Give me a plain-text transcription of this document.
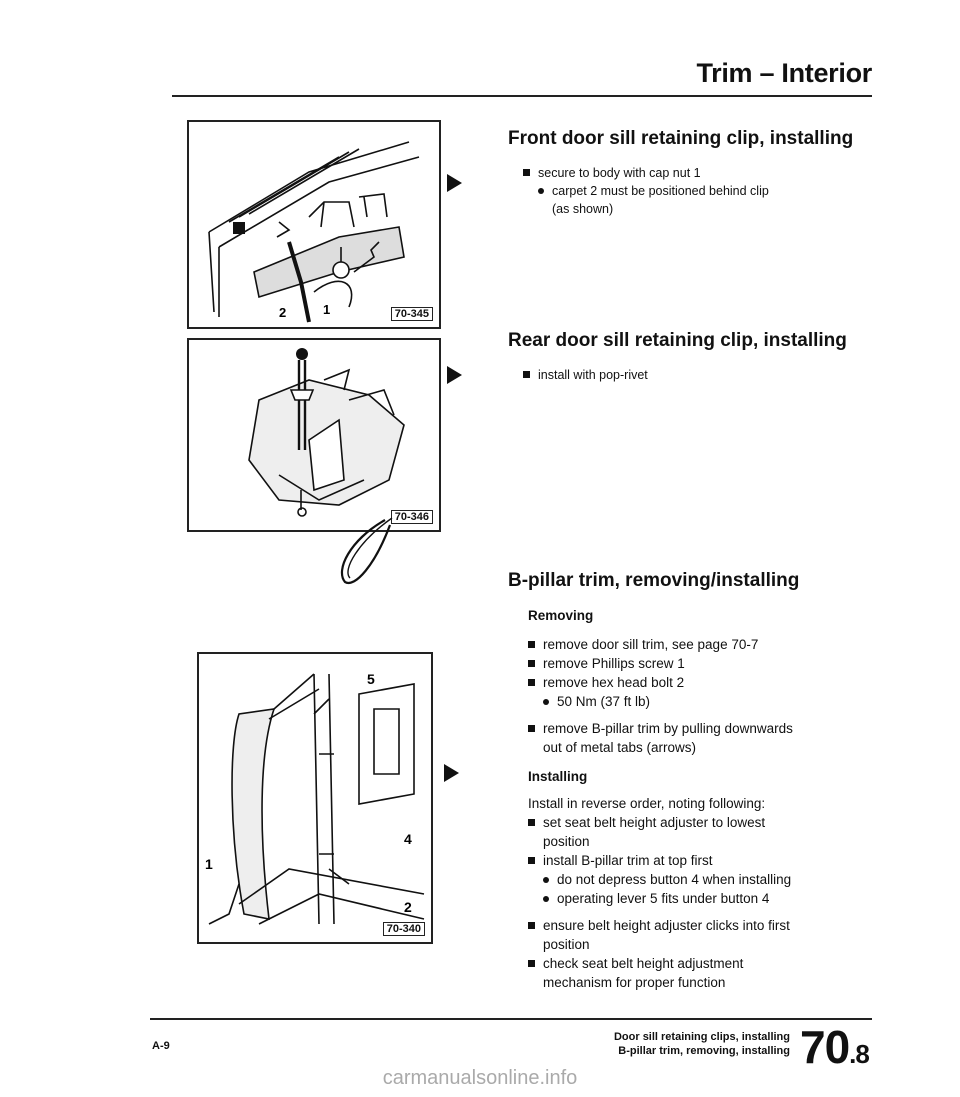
Trim – Interior
2	1	70-345
70-346
5
4
1
2
70-340
Front door sill retaining clip, installing
secure to body with cap nut 1
carpet 2 must be positioned behind clip
(as shown)
Rear door sill retaining clip, installing
install with pop-rivet
B-pillar trim, removing/installing
Removing
remove door sill trim, see page 70-7
remove Phillips screw 1
remove hex head bolt 2
50 Nm (37 ft lb)
remove B-pillar trim by pulling downwards
out of metal tabs (arrows)
Installing
Install in reverse order, noting following:
set seat belt height adjuster to lowest
position
install B-pillar trim at top first
do not depress button 4 when installing
operating lever 5 fits under button 4
ensure belt height adjuster clicks into first
position
check seat belt height adjustment
mechanism for proper function
A-9
Door sill retaining clips, installing
B-pillar trim, removing, installing 70.8
carmanualsonline.info
